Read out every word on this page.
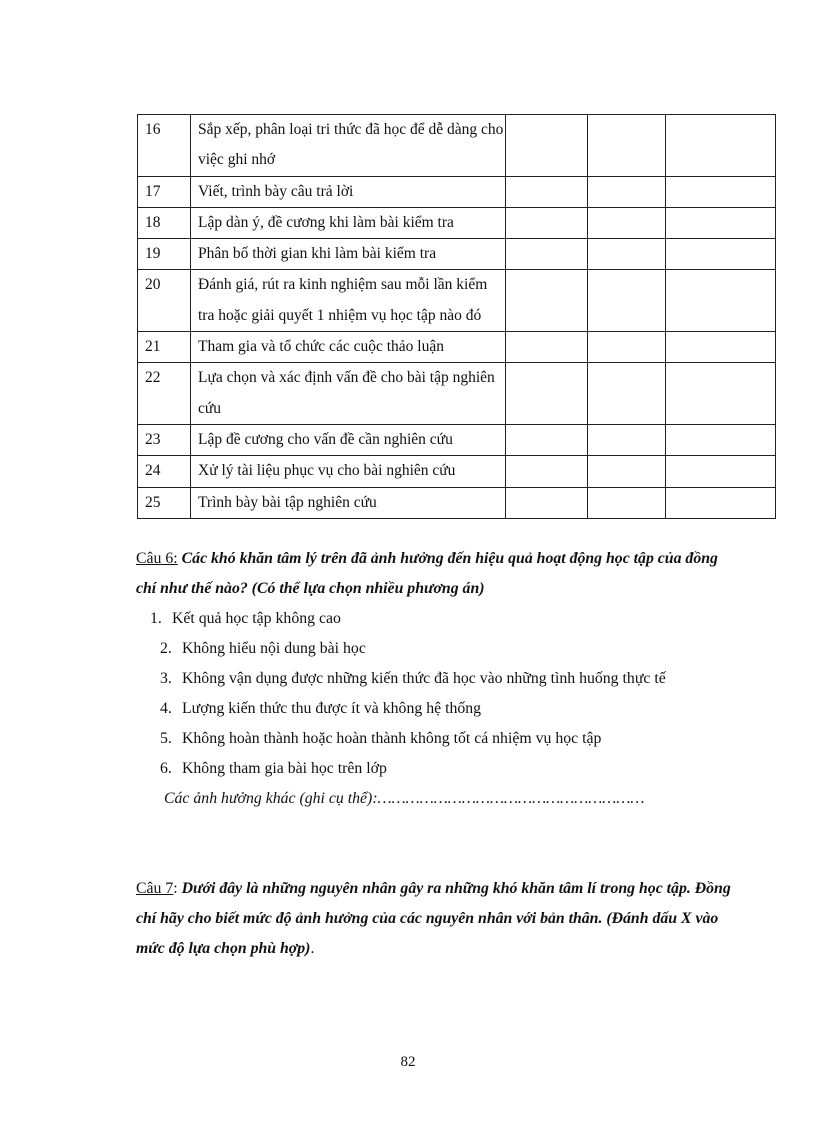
16	Sắp xếp, phân loại tri thức đã học để dễ dàng cho việc ghi nhớ			
17	Viết, trình bày câu trả lời			
18	Lập dàn ý, đề cương khi làm bài kiểm tra			
19	Phân bố thời gian khi làm bài kiểm tra			
20	Đánh giá, rút ra kinh nghiệm sau mỗi lần kiểm tra hoặc giải quyết 1 nhiệm vụ học tập nào đó			
21	Tham gia và tổ chức các cuộc thảo luận			
22	Lựa chọn và xác định vấn đề cho bài tập nghiên cứu			
23	Lập đề cương cho vấn đề cần nghiên cứu			
24	Xử lý tài liệu phục vụ cho bài nghiên cứu			
25	Trình bày bài tập nghiên cứu			
Câu 6: Các khó khăn tâm lý trên đã ảnh hưởng đến hiệu quả hoạt động học tập của đồng chí như thế nào? (Có thể lựa chọn nhiều phương án)
1. Kết quả học tập không cao
2. Không hiểu nội dung bài học
3. Không vận dụng được những kiến thức đã học vào những tình huống thực tế
4. Lượng kiến thức thu được ít và không hệ thống
5. Không hoàn thành hoặc hoàn thành không tốt cá nhiệm vụ học tập
6. Không tham gia bài học trên lớp
Các ảnh hưởng khác (ghi cụ thể):…………………………………………………
Câu 7: Dưới đây là những nguyên nhân gây ra những khó khăn tâm lí trong học tập. Đồng chí hãy cho biết mức độ ảnh hưởng của các nguyên nhân với bản thân. (Đánh dấu X vào mức độ lựa chọn phù hợp).
82
